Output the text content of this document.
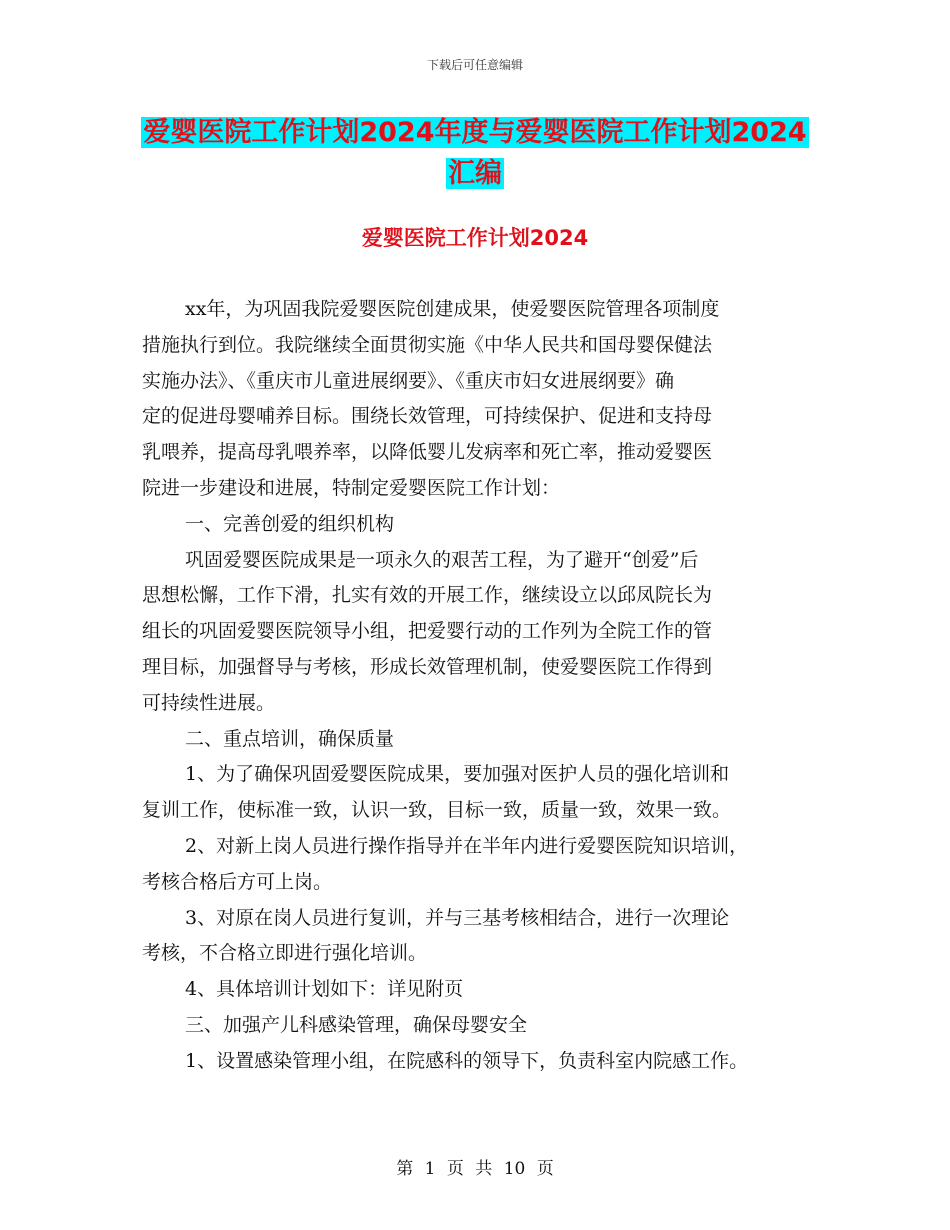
下载后可任意编辑
爱婴医院工作计划2024年度与爱婴医院工作计划2024
汇编
爱婴医院工作计划2024
xx年，为巩固我院爱婴医院创建成果，使爱婴医院管理各项制度
措施执行到位。我院继续全面贯彻实施《中华人民共和国母婴保健法
实施办法》、《重庆市儿童进展纲要》、《重庆市妇女进展纲要》确
定的促进母婴哺养目标。围绕长效管理，可持续保护、促进和支持母
乳喂养，提高母乳喂养率，以降低婴儿发病率和死亡率，推动爱婴医
院进一步建设和进展，特制定爱婴医院工作计划：
一、完善创爱的组织机构
巩固爱婴医院成果是一项永久的艰苦工程，为了避开“创爱”后
思想松懈，工作下滑，扎实有效的开展工作，继续设立以邱凤院长为
组长的巩固爱婴医院领导小组，把爱婴行动的工作列为全院工作的管
理目标，加强督导与考核，形成长效管理机制，使爱婴医院工作得到
可持续性进展。
二、重点培训，确保质量
1、为了确保巩固爱婴医院成果，要加强对医护人员的强化培训和
复训工作，使标准一致，认识一致，目标一致，质量一致，效果一致。
2、对新上岗人员进行操作指导并在半年内进行爱婴医院知识培训，
考核合格后方可上岗。
3、对原在岗人员进行复训，并与三基考核相结合，进行一次理论
考核，不合格立即进行强化培训。
4、具体培训计划如下：详见附页
三、加强产儿科感染管理，确保母婴安全
1、设置感染管理小组，在院感科的领导下，负责科室内院感工作。
第 1 页 共 10 页
